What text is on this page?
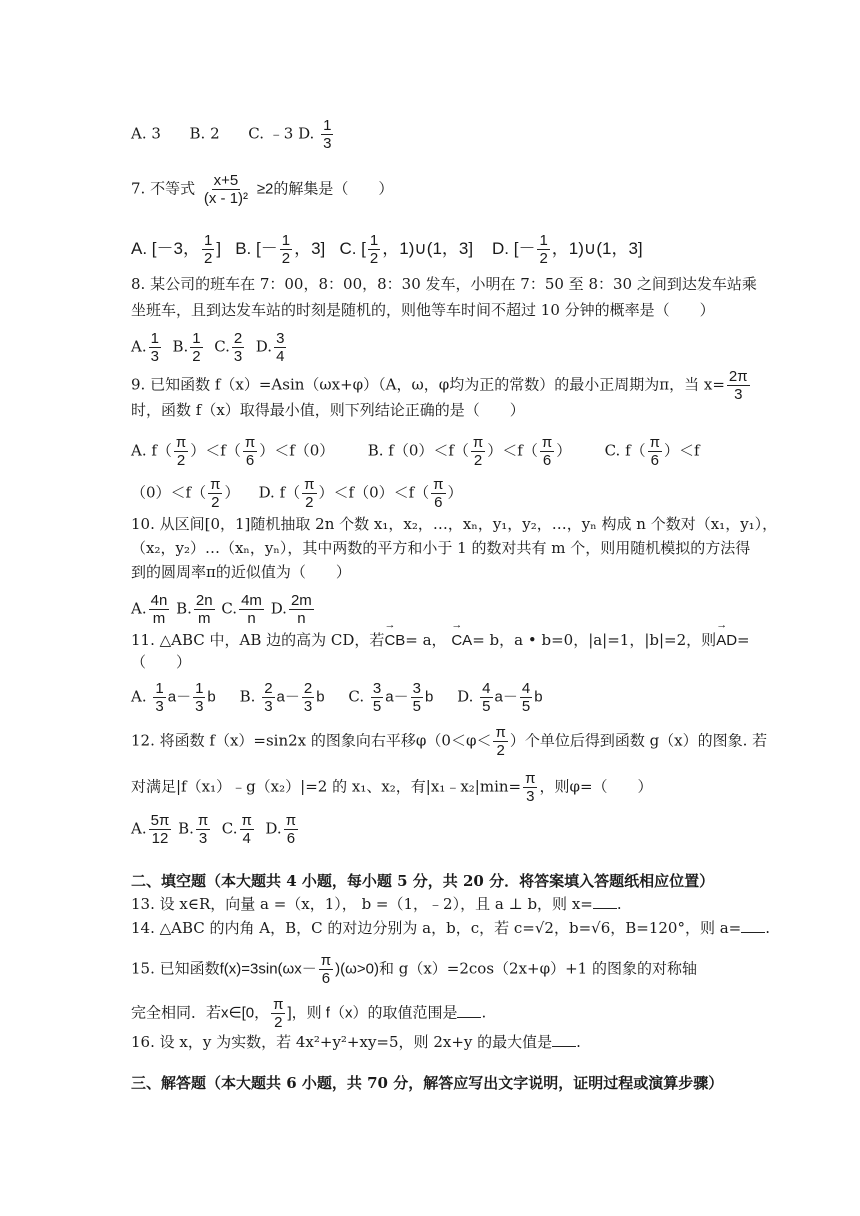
A. 3 B. 2 C. ﹣3 D. $\frac{1}{3}$
7. 不等式 $\frac{x+5}{\text{(x - 1)²}} \ge 2$的解集是（　　）
A. [－3， $\frac{1}{2}$ ] B. [－ $\frac{1}{2}$ ，3] C. [ $\frac{1}{2}$ ，1)∪(1，3] D. [－ $\frac{1}{2}$ ，1)∪(1，3]
8. 某公司的班车在 7：00，8：00，8：30 发车，小明在 7：50 至 8：30 之间到达发车站乘
坐班车，且到达发车站的时刻是随机的，则他等车时间不超过 10 分钟的概率是（　　）
A. $\frac{1}{3} B$. $\frac{1}{2} C$. $\frac{2}{3} D$. $\frac{3}{4}$
9. 已知函数 f（x）=Asin（ωx+φ）（A，ω，φ均为正的常数）的最小正周期为π，当 $x= \frac{2\pi}{3}$
时，函数 f（x）取得最小值，则下列结论正确的是（　　）
A. $f( \frac{\pi}{2} )<f( \frac{\pi}{6} )<f(0)$ B. $f(0)<f( \frac{\pi}{2} )<f( \frac{\pi}{6}$ ） C. $f( \frac{\pi}{6} )<f$
$(0)<f( \frac{\pi}{2}$ ） D. $f( \frac{\pi}{2} )<f(0)<f( \frac{\pi}{6}$ ）
10. 从区间[0，1]随机抽取 2n 个数 x₁，x₂，…，xₙ，y₁，y₂，…，yₙ 构成 n 个数对（x₁，y₁），
（x₂，y₂）…（xₙ，yₙ），其中两数的平方和小于 1 的数对共有 m 个，则用随机模拟的方法得
到的圆周率π的近似值为（　　）
A. $\frac{4n}{m} B$. $\frac{2n}{m} C$. $\frac{4m}{n} D$. $\frac{2m}{n}$
11. △ABC 中，AB 边的高为 CD，若→ CB= a， → CA= b，a • b=0，|a|=1，|b|=2，则→ AD=
（　　）
A. $\frac{1}{3} a- \frac{1}{3}$ b B. $\frac{2}{3} a- \frac{2}{3}$ b C. $\frac{3}{5} a- \frac{3}{5}$ b D. $\frac{4}{5} a- \frac{4}{5}$ b
12. 将函数 f（x）=sin2x 的图象向右平移$\varphi(0<\varphi< \frac{\pi}{2}$ ）个单位后得到函数 g（x）的图象. 若
对满足|f（x₁）﹣g（x₂）|=2 的 x₁、x₂，有|x₁﹣x₂|min= $\frac{\pi}{3}$ ，则φ=（　　）
A. $\frac{5\pi}{12} B$. $\frac{\pi}{3} C$. $\frac{\pi}{4} D$. $\frac{\pi}{6}$
二、填空题（本大题共 4 小题，每小题 5 分，共 20 分．将答案填入答题纸相应位置）
13. 设 x∈R，向量 a =（x，1）， b =（1，﹣2），且 a ⊥ b，则 x= .
14. △ABC 的内角 A，B，C 的对边分别为 a，b，c，若 c=√2，b=√6，B=120°，则 a= .
15. 已知函数$f(x)=3\sin(\omega x- \frac{\pi}{6} )(\omega>0)$和 g（x）=2cos（2x+φ）+1 的图象的对称轴
完全相同．若x∈[0， $\frac{\pi}{2}$ ]，则 f（x）的取值范围是 .
16. 设 x，y 为实数，若 4x²+y²+xy=5，则 2x+y 的最大值是 .
三、解答题（本大题共 6 小题，共 70 分，解答应写出文字说明，证明过程或演算步骤）
